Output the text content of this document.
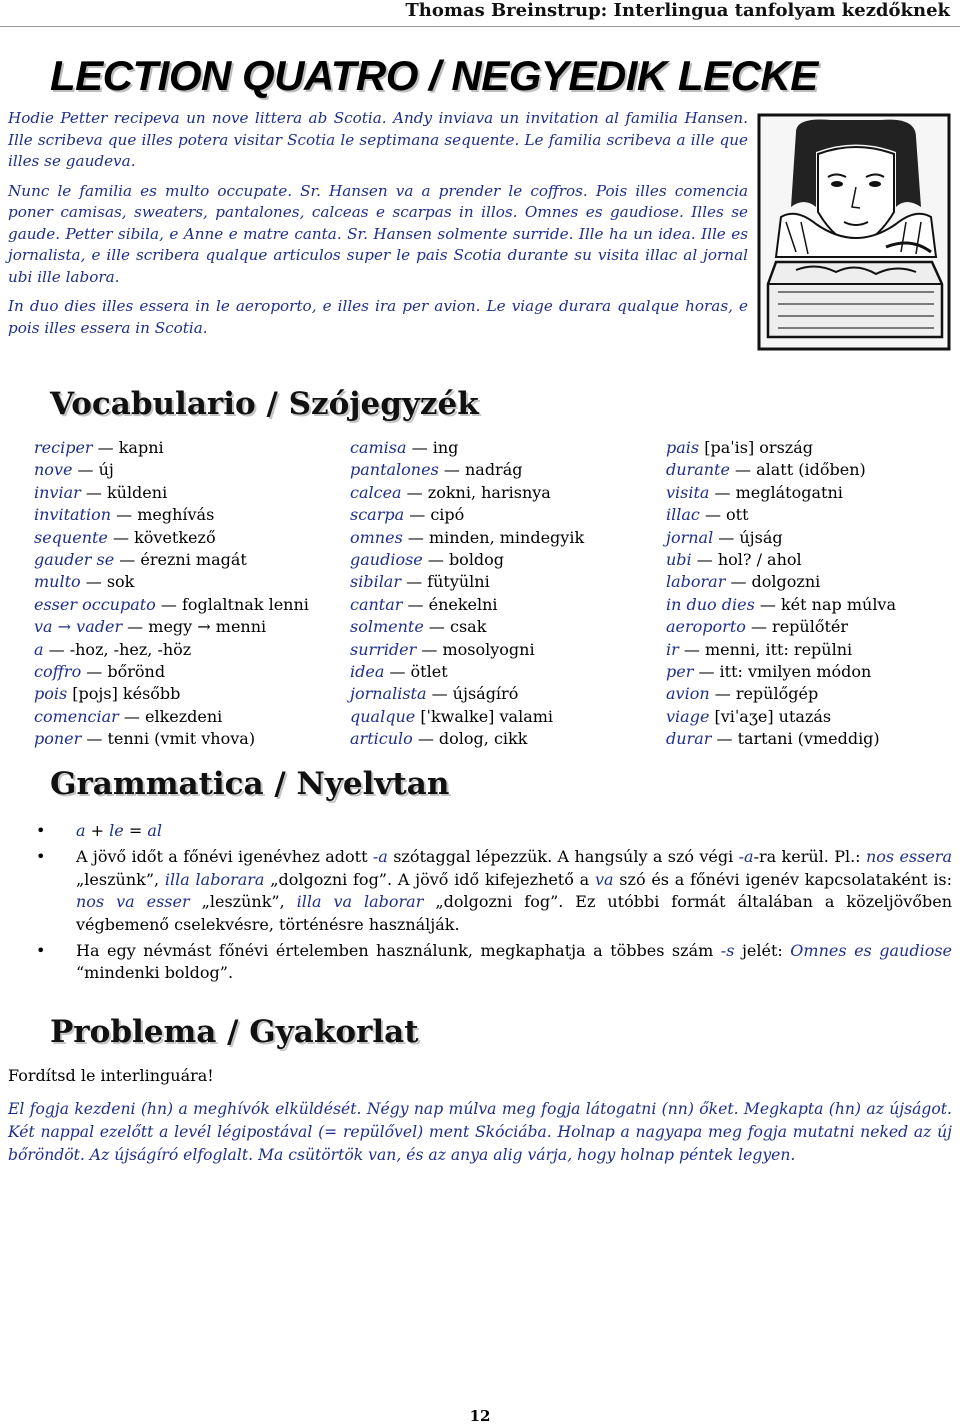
Thomas Breinstrup: Interlingua tanfolyam kezdőknek
LECTION QUATRO / NEGYEDIK LECKE

Hodie Petter recipeva un nove littera ab Scotia. Andy inviava un invitation al familia Hansen. Ille scribeva que illes potera visitar Scotia le septimana sequente. Le familia scribeva a ille que illes se gaudeva.

Nunc le familia es multo occupate. Sr. Hansen va a prender le coffros. Pois illes comencia poner camisas, sweaters, pantalones, calceas e scarpas in illos. Omnes es gaudiose. Illes se gaude. Petter sibila, e Anne e matre canta. Sr. Hansen solmente surride. Ille ha un idea. Ille es jornalista, e ille scribera qualque articulos super le pais Scotia durante su visita illac al jornal ubi ille labora.

In duo dies illes essera in le aeroporto, e illes ira per avion. Le viage durara qualque horas, e pois illes essera in Scotia.

Vocabulario / Szójegyzék
reciper — kapni
nove — új
inviar — küldeni
invitation — meghívás
sequente — következő
gauder se — érezni magát
multo — sok
esser occupato — foglaltnak lenni
va → vader — megy → menni
a — -hoz, -hez, -höz
coffro — bőrönd
pois [pojs] később
comenciar — elkezdeni
poner — tenni (vmit vhova)
camisa — ing
pantalones — nadrág
calcea — zokni, harisnya
scarpa — cipó
omnes — minden, mindegyik
gaudiose — boldog
sibilar — fütyülni
cantar — énekelni
solmente — csak
surrider — mosolyogni
idea — ötlet
jornalista — újságíró
qualque [ˈkwalke] valami
articulo — dolog, cikk
pais [paˈis] ország
durante — alatt (időben)
visita — meglátogatni
illac — ott
jornal — újság
ubi — hol? / ahol
laborar — dolgozni
in duo dies — két nap múlva
aeroporto — repülőtér
ir — menni, itt: repülni
per — itt: vmilyen módon
avion — repülőgép
viage [viˈaʒe] utazás
durar — tartani (vmeddig)
Grammatica / Nyelvtan
• a + le = al
• A jövő időt a főnévi igenévhez adott -a szótaggal lépezzük. A hangsúly a szó végi -a-ra kerül. Pl.: nos essera „leszünk”, illa laborara „dolgozni fog”. A jövő idő kifejezhető a va szó és a főnévi igenév kapcsolataként is: nos va esser „leszünk”, illa va laborar „dolgozni fog”. Ez utóbbi formát általában a közeljövőben végbemenő cselekvésre, történésre használják.
• Ha egy névmást főnévi értelemben használunk, megkaphatja a többes szám -s jelét: Omnes es gaudiose “mindenki boldog”.
Problema / Gyakorlat
Fordítsd le interlinguára!
El fogja kezdeni (hn) a meghívók elküldését. Négy nap múlva meg fogja látogatni (nn) őket. Megkapta (hn) az újságot. Két nappal ezelőtt a levél légipostával (= repülővel) ment Skóciába. Holnap a nagyapa meg fogja mutatni neked az új bőröndöt. Az újságíró elfoglalt. Ma csütörtök van, és az anya alig várja, hogy holnap péntek legyen.
12
